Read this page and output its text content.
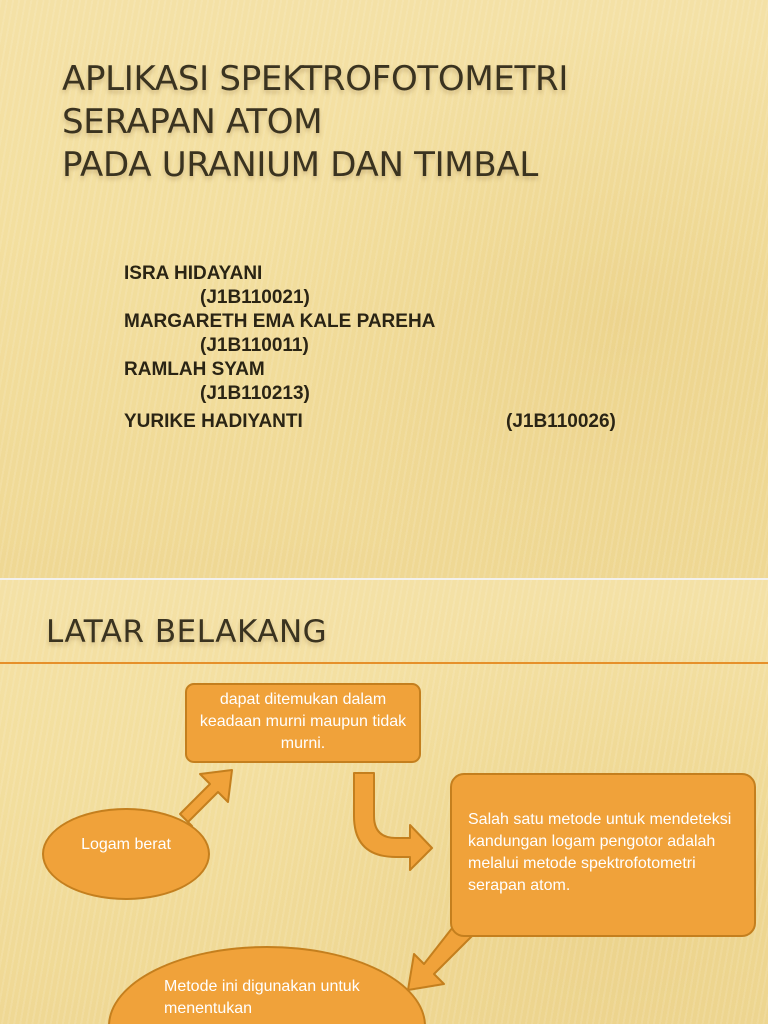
APLIKASI SPEKTROFOTOMETRI
SERAPAN ATOM
PADA URANIUM DAN TIMBAL
ISRA HIDAYANI
(J1B110021)
MARGARETH EMA KALE PAREHA
(J1B110011)
RAMLAH SYAM
(J1B110213)
YURIKE HADIYANTI	(J1B110026)
LATAR BELAKANG
dapat ditemukan dalam keadaan murni maupun tidak murni.
Logam berat
Salah satu metode untuk mendeteksi kandungan logam pengotor adalah melalui metode spektrofotometri serapan atom.
Metode ini digunakan untuk menentukan
